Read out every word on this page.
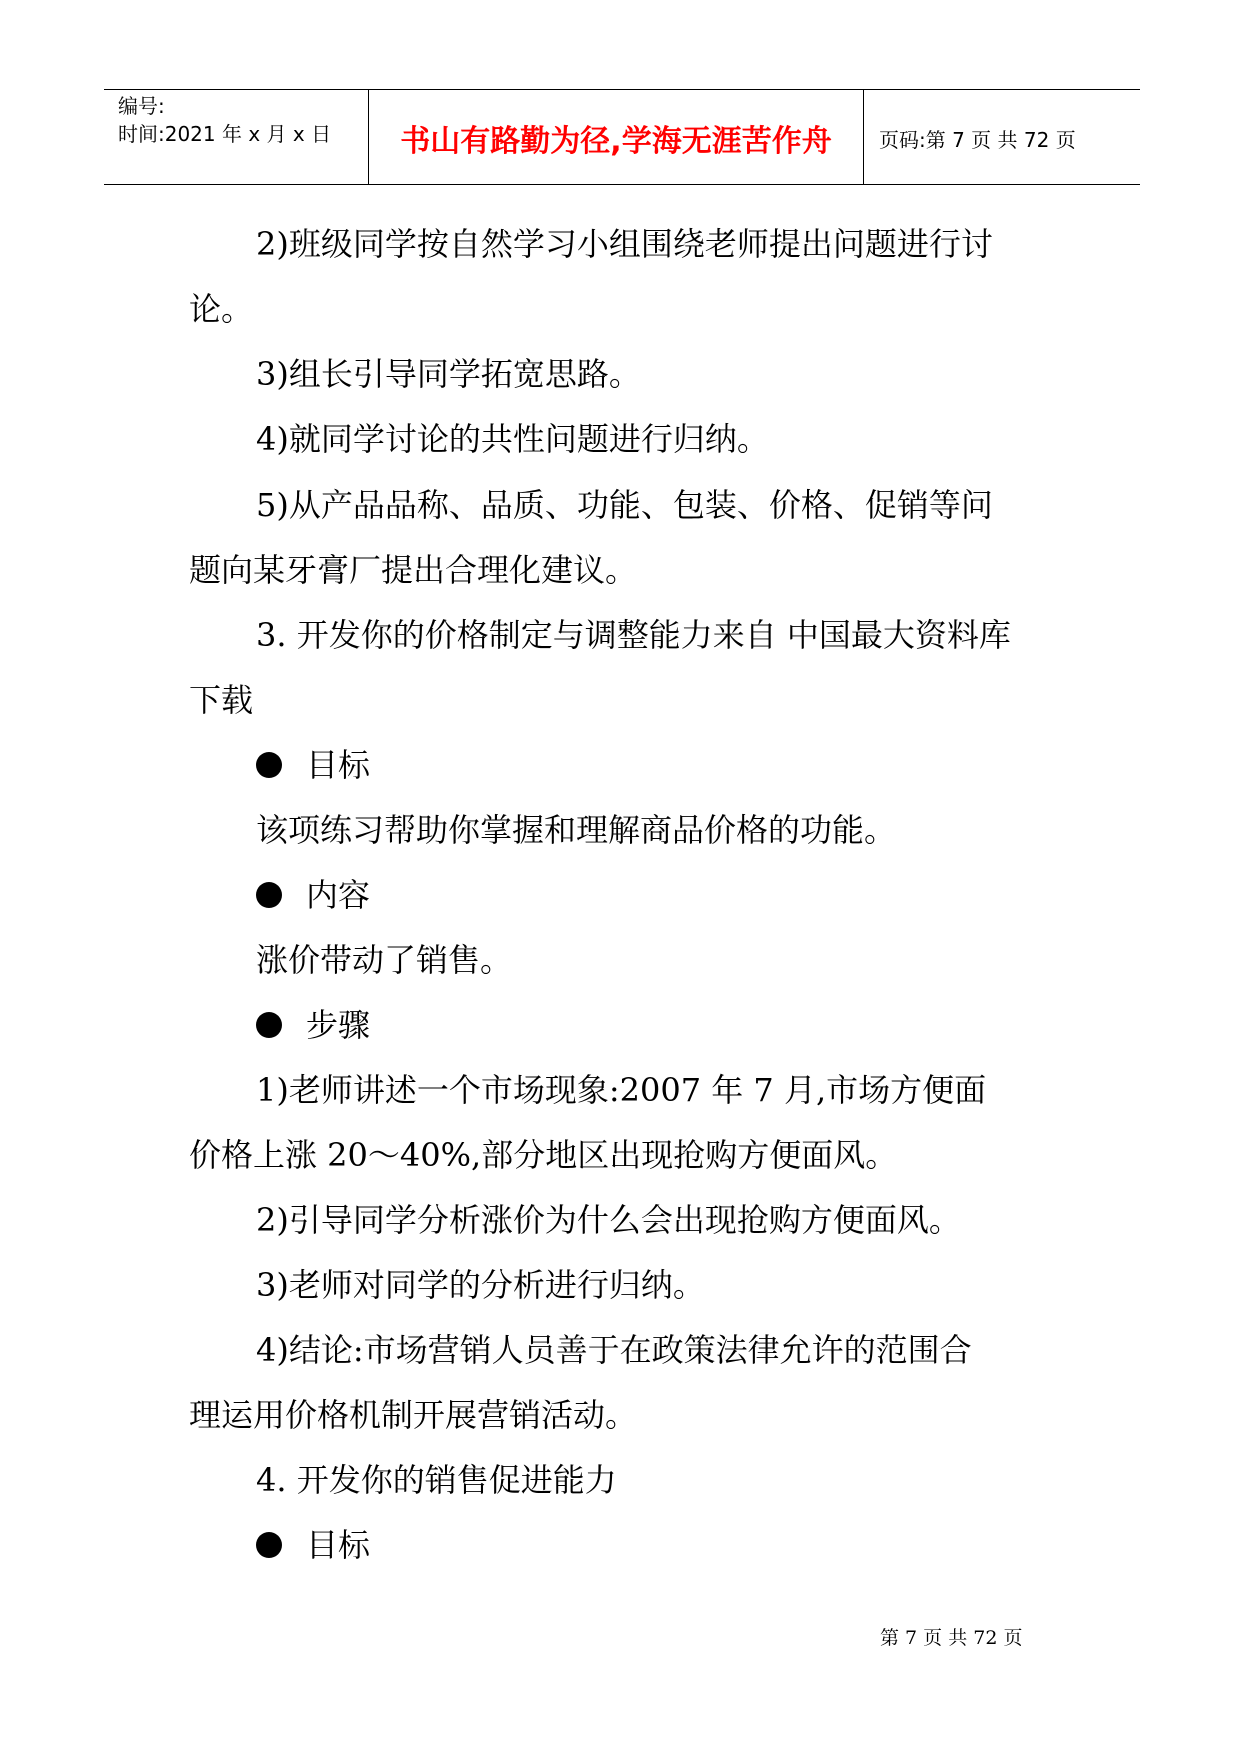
编号:
时间:2021 年 x 月 x 日 书山有路勤为径,学海无涯苦作舟 页码:第 7 页 共 72 页
2)班级同学按自然学习小组围绕老师提出问题进行讨
论。
3)组长引导同学拓宽思路。
4)就同学讨论的共性问题进行归纳。
5)从产品品称、品质、功能、包装、价格、促销等问
题向某牙膏厂提出合理化建议。
3. 开发你的价格制定与调整能力来自 中国最大资料库
下载
目标
该项练习帮助你掌握和理解商品价格的功能。
内容
涨价带动了销售。
步骤
1)老师讲述一个市场现象:2007 年 7 月,市场方便面
价格上涨 20～40%,部分地区出现抢购方便面风。
2)引导同学分析涨价为什么会出现抢购方便面风。
3)老师对同学的分析进行归纳。
4)结论:市场营销人员善于在政策法律允许的范围合
理运用价格机制开展营销活动。
4. 开发你的销售促进能力
目标
第 7 页 共 72 页
